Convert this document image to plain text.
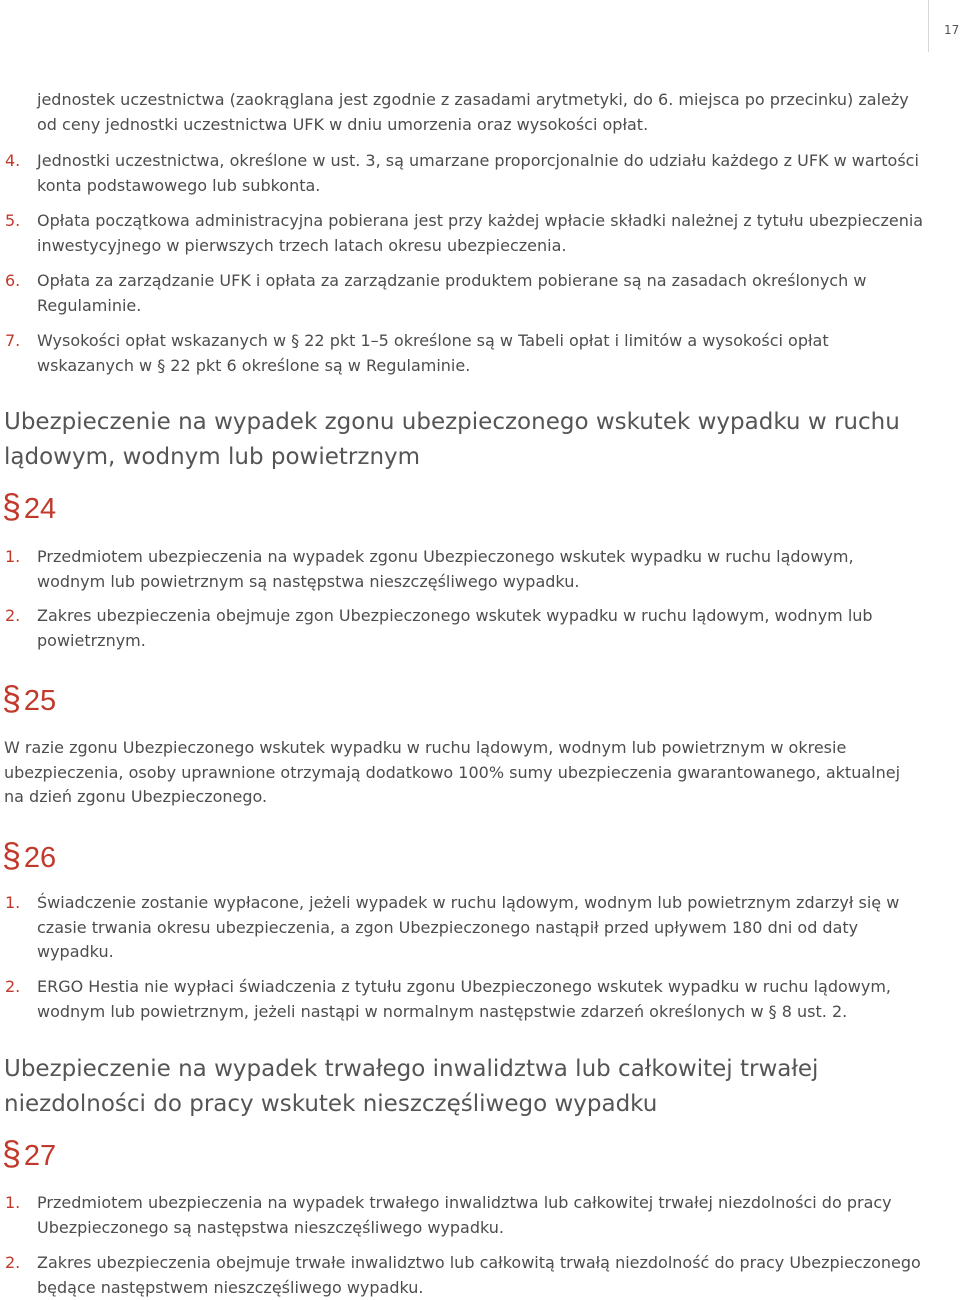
17
jednostek uczestnictwa (zaokrąglana jest zgodnie z zasadami arytmetyki, do 6. miejsca po przecinku) zależy od ceny jednostki uczestnictwa UFK w dniu umorzenia oraz wysokości opłat.
4. Jednostki uczestnictwa, określone w ust. 3, są umarzane proporcjonalnie do udziału każdego z UFK w wartości konta podstawowego lub subkonta.
5. Opłata początkowa administracyjna pobierana jest przy każdej wpłacie składki należnej z tytułu ubezpieczenia inwestycyjnego w pierwszych trzech latach okresu ubezpieczenia.
6. Opłata za zarządzanie UFK i opłata za zarządzanie produktem pobierane są na zasadach określonych w Regulaminie.
7. Wysokości opłat wskazanych w § 22 pkt 1–5 określone są w Tabeli opłat i limitów a wysokości opłat wskazanych w § 22 pkt 6 określone są w Regulaminie.
Ubezpieczenie na wypadek zgonu ubezpieczonego wskutek wypadku w ruchu lądowym, wodnym lub powietrznym
§ 24
1. Przedmiotem ubezpieczenia na wypadek zgonu Ubezpieczonego wskutek wypadku w ruchu lądowym, wodnym lub powietrznym są następstwa nieszczęśliwego wypadku.
2. Zakres ubezpieczenia obejmuje zgon Ubezpieczonego wskutek wypadku w ruchu lądowym, wodnym lub powietrznym.
§ 25
W razie zgonu Ubezpieczonego wskutek wypadku w ruchu lądowym, wodnym lub powietrznym w okresie ubezpieczenia, osoby uprawnione otrzymają dodatkowo 100% sumy ubezpieczenia gwarantowanego, aktualnej na dzień zgonu Ubezpieczonego.
§ 26
1. Świadczenie zostanie wypłacone, jeżeli wypadek w ruchu lądowym, wodnym lub powietrznym zdarzył się w czasie trwania okresu ubezpieczenia, a zgon Ubezpieczonego nastąpił przed upływem 180 dni od daty wypadku.
2. ERGO Hestia nie wypłaci świadczenia z tytułu zgonu Ubezpieczonego wskutek wypadku w ruchu lądowym, wodnym lub powietrznym, jeżeli nastąpi w normalnym następstwie zdarzeń określonych w § 8 ust. 2.
Ubezpieczenie na wypadek trwałego inwalidztwa lub całkowitej trwałej niezdolności do pracy wskutek nieszczęśliwego wypadku
§ 27
1. Przedmiotem ubezpieczenia na wypadek trwałego inwalidztwa lub całkowitej trwałej niezdolności do pracy Ubezpieczonego są następstwa nieszczęśliwego wypadku.
2. Zakres ubezpieczenia obejmuje trwałe inwalidztwo lub całkowitą trwałą niezdolność do pracy Ubezpieczonego będące następstwem nieszczęśliwego wypadku.
